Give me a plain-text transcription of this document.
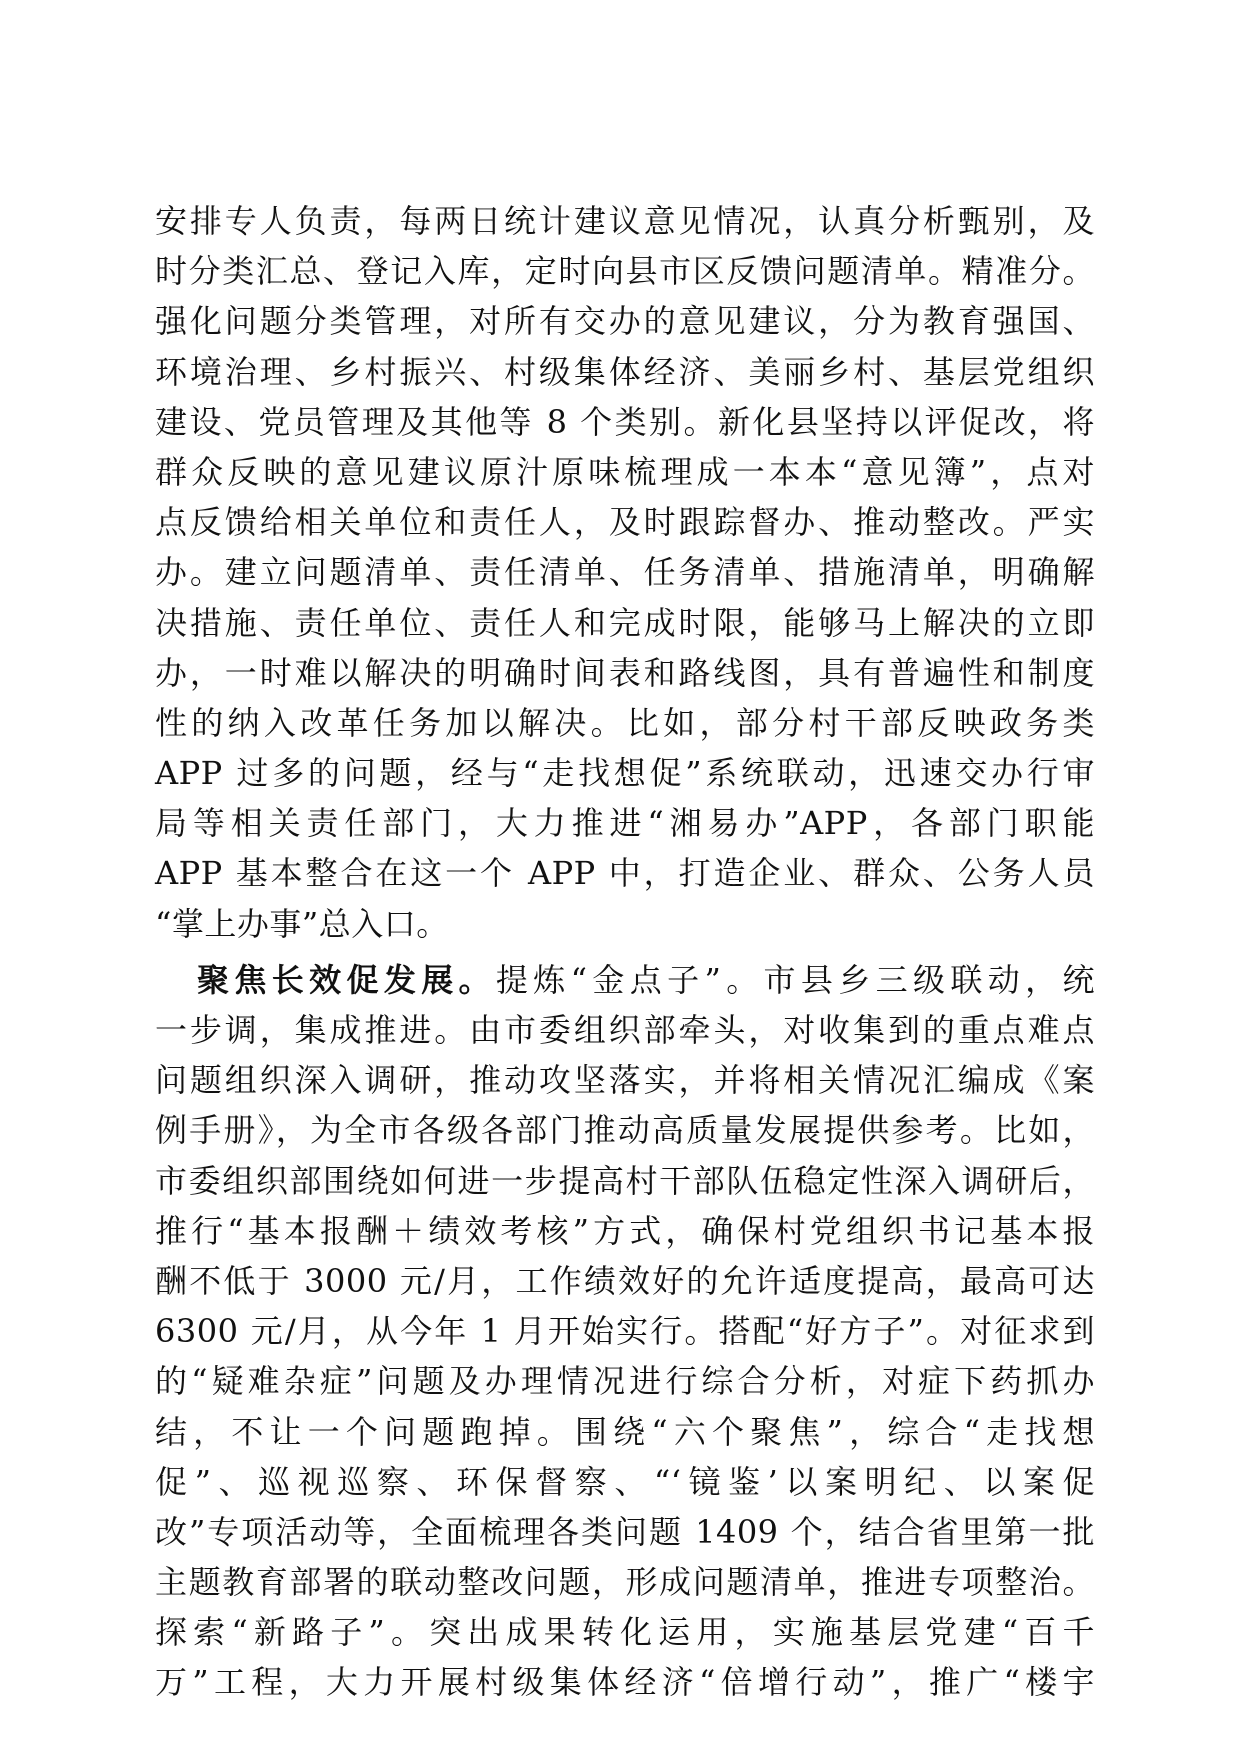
安排专人负责，每两日统计建议意见情况，认真分析甄别，及
时分类汇总、登记入库，定时向县市区反馈问题清单。精准分。
强化问题分类管理，对所有交办的意见建议，分为教育强国、
环境治理、乡村振兴、村级集体经济、美丽乡村、基层党组织
建设、党员管理及其他等 8 个类别。新化县坚持以评促改，将
群众反映的意见建议原汁原味梳理成一本本“意见簿”，点对
点反馈给相关单位和责任人，及时跟踪督办、推动整改。严实
办。建立问题清单、责任清单、任务清单、措施清单，明确解
决措施、责任单位、责任人和完成时限，能够马上解决的立即
办，一时难以解决的明确时间表和路线图，具有普遍性和制度
性的纳入改革任务加以解决。比如，部分村干部反映政务类
APP 过多的问题，经与“走找想促”系统联动，迅速交办行审
局等相关责任部门，大力推进“湘易办”APP，各部门职能
APP 基本整合在这一个 APP 中，打造企业、群众、公务人员
“掌上办事”总入口。
聚焦长效促发展。提炼“金点子”。市县乡三级联动，统
一步调，集成推进。由市委组织部牵头，对收集到的重点难点
问题组织深入调研，推动攻坚落实，并将相关情况汇编成《案
例手册》，为全市各级各部门推动高质量发展提供参考。比如，
市委组织部围绕如何进一步提高村干部队伍稳定性深入调研后，
推行“基本报酬＋绩效考核”方式，确保村党组织书记基本报
酬不低于 3000 元/月，工作绩效好的允许适度提高，最高可达
6300 元/月，从今年 1 月开始实行。搭配“好方子”。对征求到
的“疑难杂症”问题及办理情况进行综合分析，对症下药抓办
结，不让一个问题跑掉。围绕“六个聚焦”，综合“走找想
促”、巡视巡察、环保督察、“‘镜鉴’以案明纪、以案促
改”专项活动等，全面梳理各类问题 1409 个，结合省里第一批
主题教育部署的联动整改问题，形成问题清单，推进专项整治。
探索“新路子”。突出成果转化运用，实施基层党建“百千
万”工程，大力开展村级集体经济“倍增行动”，推广“楼宇
